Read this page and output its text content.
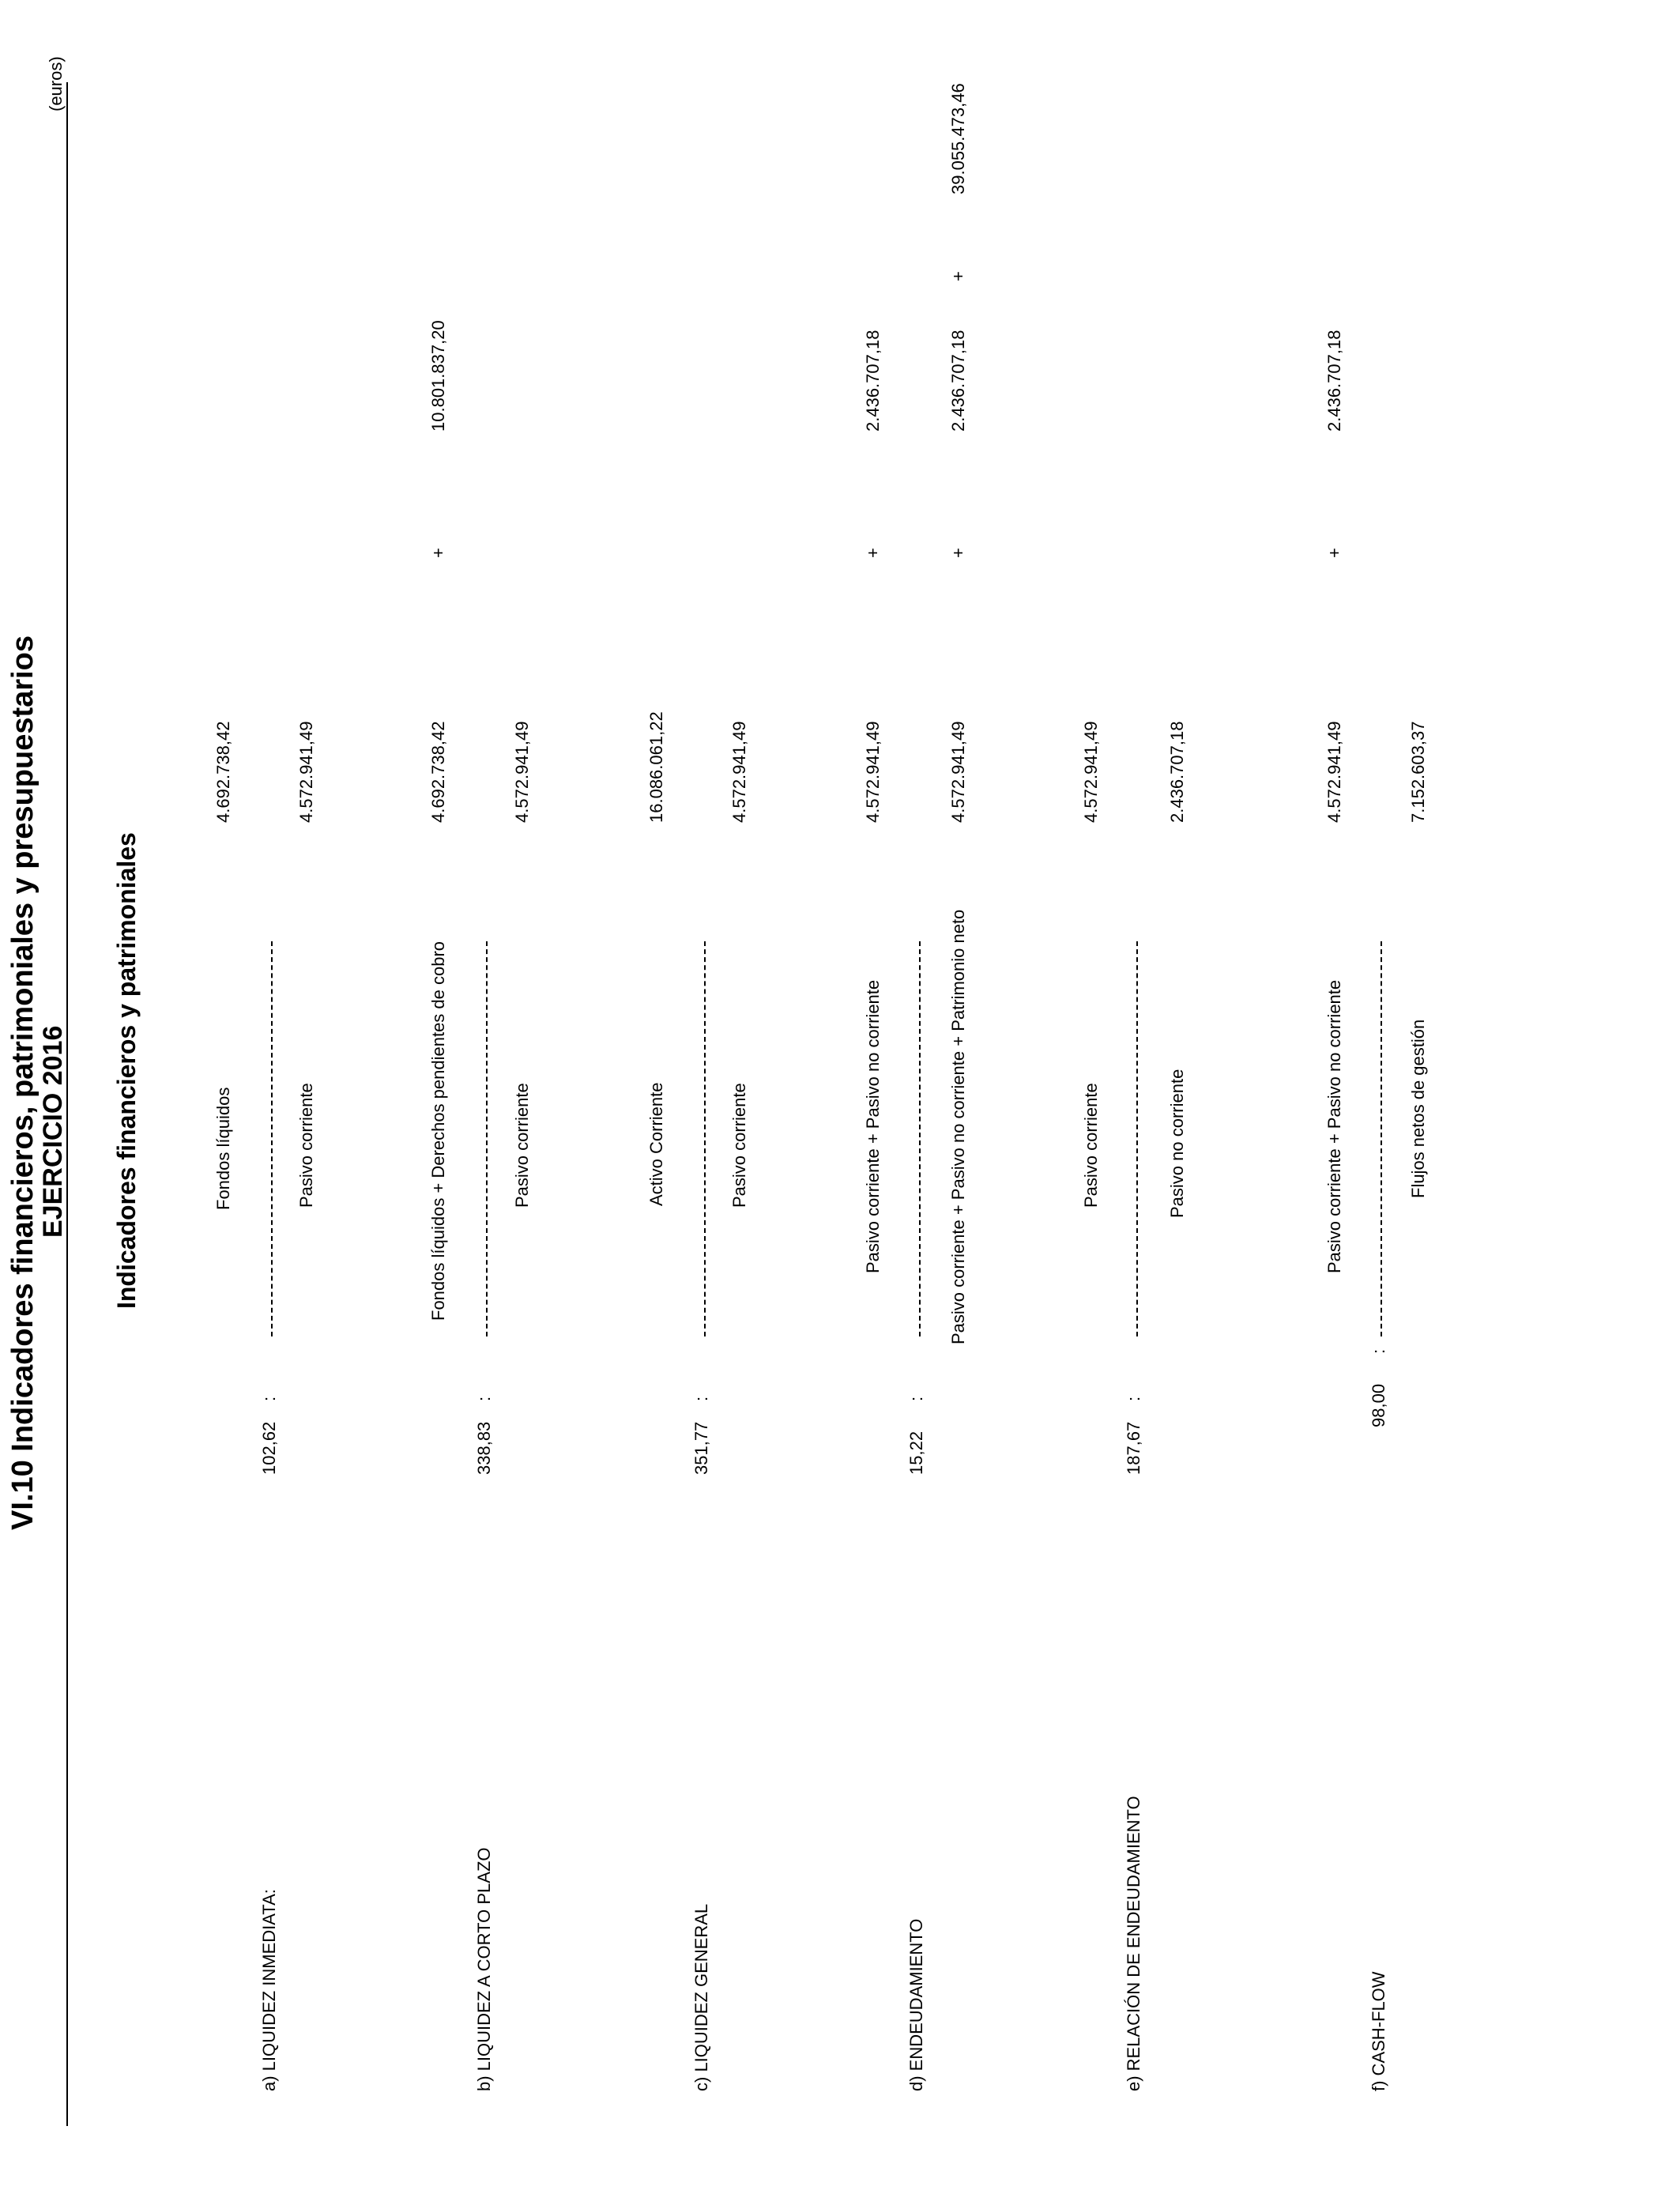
VI.10 Indicadores financieros, patrimoniales y presupuestarios
EJERCICIO 2016 Indicadores financieros y patrimoniales
(euros)
a) LIQUIDEZ INMEDIATA:
102,62
:
Fondos líquidos	Pasivo corriente
4.692.738,42	4.572.941,49
b) LIQUIDEZ A CORTO PLAZO
338,83
:
Fondos líquidos + Derechos pendientes de cobro	Pasivo corriente
4.692.738,42
+
10.801.837,20
4.572.941,49
c) LIQUIDEZ GENERAL
351,77
:
Activo Corriente	Pasivo corriente
16.086.061,22	4.572.941,49
d) ENDEUDAMIENTO
15,22
:
Pasivo corriente + Pasivo no corriente	Pasivo corriente + Pasivo no corriente + Patrimonio neto
4.572.941,49
+
2.436.707,18
4.572.941,49
+
2.436.707,18
+
39.055.473,46
e) RELACIÓN DE ENDEUDAMIENTO
187,67
:
Pasivo corriente	Pasivo no corriente
4.572.941,49	2.436.707,18
f) CASH-FLOW
98,00
:
Pasivo corriente + Pasivo no corriente	Flujos netos de gestión
4.572.941,49
+
2.436.707,18
7.152.603,37
